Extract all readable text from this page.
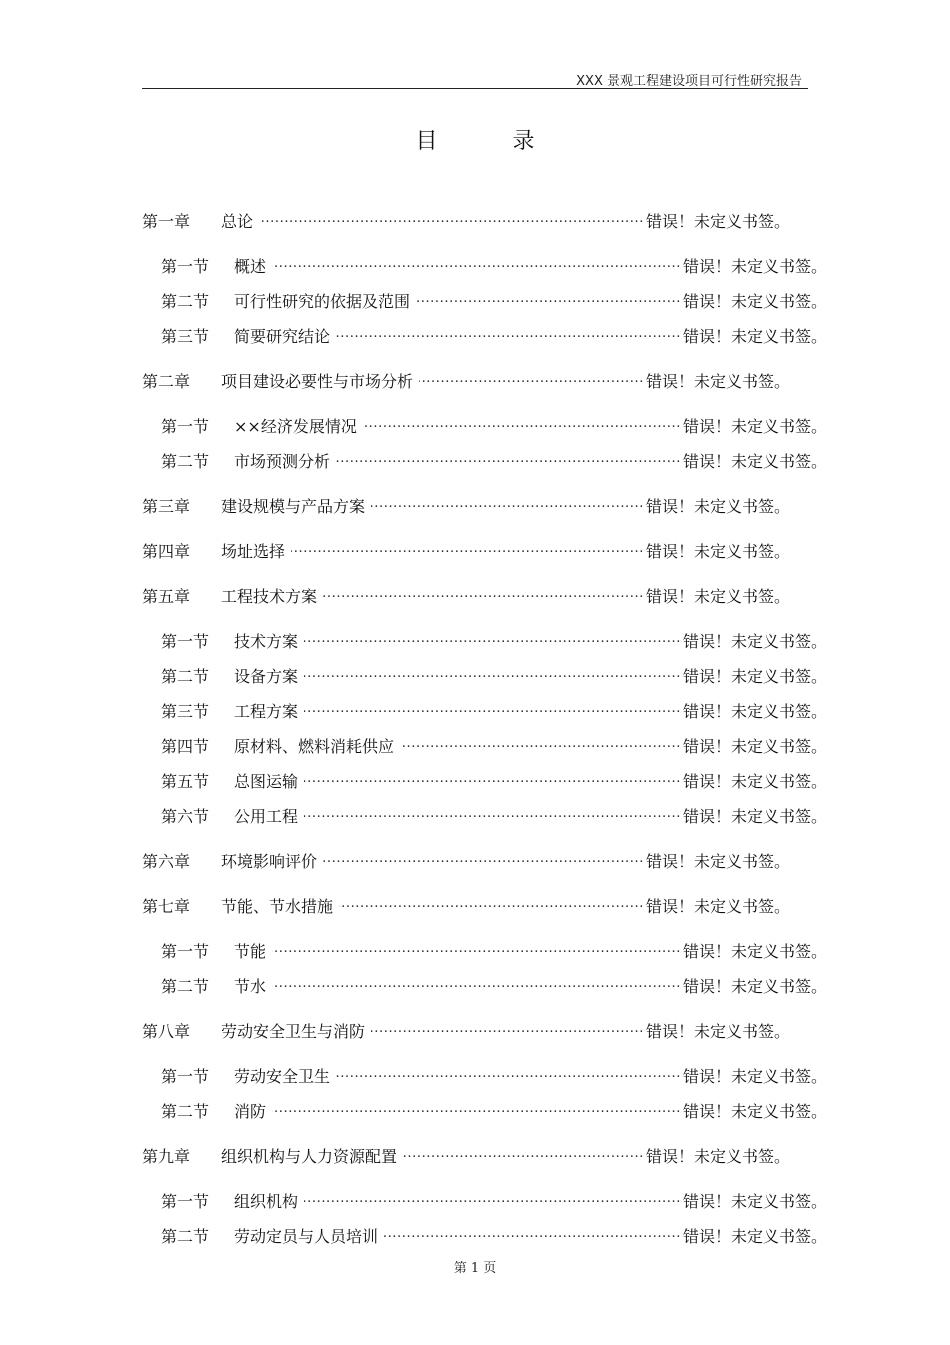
XXX 景观工程建设项目可行性研究报告
目 录
第一章	总论 .....	错误！未定义书签。
第一节	概述 .....	错误！未定义书签。
第二节	可行性研究的依据及范围 .....	错误！未定义书签。
第三节	简要研究结论 .....	错误！未定义书签。
第二章	项目建设必要性与市场分析 .....	错误！未定义书签。
第一节	××经济发展情况 .....	错误！未定义书签。
第二节	市场预测分析 .....	错误！未定义书签。
第三章	建设规模与产品方案 .....	错误！未定义书签。
第四章	场址选择 .....	错误！未定义书签。
第五章	工程技术方案 .....	错误！未定义书签。
第一节	技术方案 .....	错误！未定义书签。
第二节	设备方案 .....	错误！未定义书签。
第三节	工程方案 .....	错误！未定义书签。
第四节	原材料、燃料消耗供应 .....	错误！未定义书签。
第五节	总图运输 .....	错误！未定义书签。
第六节	公用工程 .....	错误！未定义书签。
第六章	环境影响评价 .....	错误！未定义书签。
第七章	节能、节水措施 .....	错误！未定义书签。
第一节	节能 .....	错误！未定义书签。
第二节	节水 .....	错误！未定义书签。
第八章	劳动安全卫生与消防 .....	错误！未定义书签。
第一节	劳动安全卫生 .....	错误！未定义书签。
第二节	消防 .....	错误！未定义书签。
第九章	组织机构与人力资源配置 .....	错误！未定义书签。
第一节	组织机构 .....	错误！未定义书签。
第二节	劳动定员与人员培训 .....	错误！未定义书签。
第 1 页
